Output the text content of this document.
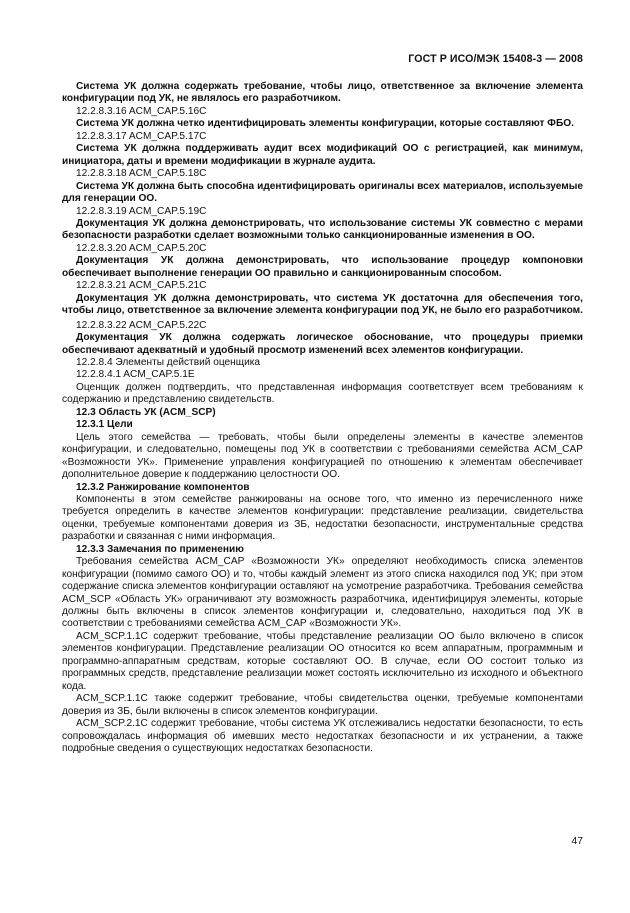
ГОСТ Р ИСО/МЭК 15408-3 — 2008

Система УК должна содержать требование, чтобы лицо, ответственное за включение элемента конфигурации под УК, не являлось его разработчиком.

12.2.8.3.16 ACM_CAP.5.16C

Система УК должна четко идентифицировать элементы конфигурации, которые составляют ФБО.

12.2.8.3.17 ACM_CAP.5.17C

Система УК должна поддерживать аудит всех модификаций ОО с регистрацией, как минимум, инициатора, даты и времени модификации в журнале аудита.

12.2.8.3.18 ACM_CAP.5.18C

Система УК должна быть способна идентифицировать оригиналы всех материалов, используемые для генерации ОО.

12.2.8.3.19 ACM_CAP.5.19C

Документация УК должна демонстрировать, что использование системы УК совместно с мерами безопасности разработки сделает возможными только санкционированные изменения в ОО.

12.2.8.3.20 ACM_CAP.5.20C

Документация УК должна демонстрировать, что использование процедур компоновки обеспечивает выполнение генерации ОО правильно и санкционированным способом.

12.2.8.3.21 ACM_CAP.5.21C

Документация УК должна демонстрировать, что система УК достаточна для обеспечения того, чтобы лицо, ответственное за включение элемента конфигурации под УК, не было его разработчиком.

12.2.8.3.22 ACM_CAP.5.22C

Документация УК должна содержать логическое обоснование, что процедуры приемки обеспечивают адекватный и удобный просмотр изменений всех элементов конфигурации.

12.2.8.4 Элементы действий оценщика

12.2.8.4.1 ACM_CAP.5.1E

Оценщик должен подтвердить, что представленная информация соответствует всем требованиям к содержанию и представлению свидетельств.

12.3 Область УК (ACM_SCP)

12.3.1 Цели

Цель этого семейства — требовать, чтобы были определены элементы в качестве элементов конфигурации, и следовательно, помещены под УК в соответствии с требованиями семейства ACM_CAP «Возможности УК». Применение управления конфигурацией по отношению к элементам обеспечивает дополнительное доверие к поддержанию целостности ОО.

12.3.2 Ранжирование компонентов

Компоненты в этом семействе ранжированы на основе того, что именно из перечисленного ниже требуется определить в качестве элементов конфигурации: представление реализации, свидетельства оценки, требуемые компонентами доверия из ЗБ, недостатки безопасности, инструментальные средства разработки и связанная с ними информация.

12.3.3 Замечания по применению

Требования семейства ACM_CAP «Возможности УК» определяют необходимость списка элементов конфигурации (помимо самого ОО) и то, чтобы каждый элемент из этого списка находился под УК; при этом содержание списка элементов конфигурации оставляют на усмотрение разработчика. Требования семейства ACM_SCP «Область УК» ограничивают эту возможность разработчика, идентифицируя элементы, которые должны быть включены в список элементов конфигурации и, следовательно, находиться под УК в соответствии с требованиями семейства ACM_CAP «Возможности УК».

ACM_SCP.1.1C содержит требование, чтобы представление реализации ОО было включено в список элементов конфигурации. Представление реализации ОО относится ко всем аппаратным, программным и программно-аппаратным средствам, которые составляют ОО. В случае, если ОО состоит только из программных средств, представление реализации может состоять исключительно из исходного и объектного кода.

ACM_SCP.1.1C также содержит требование, чтобы свидетельства оценки, требуемые компонентами доверия из ЗБ, были включены в список элементов конфигурации.

ACM_SCP.2.1C содержит требование, чтобы система УК отслеживались недостатки безопасности, то есть сопровождалась информация об имевших место недостатках безопасности и их устранении, а также подробные сведения о существующих недостатках безопасности.

47
